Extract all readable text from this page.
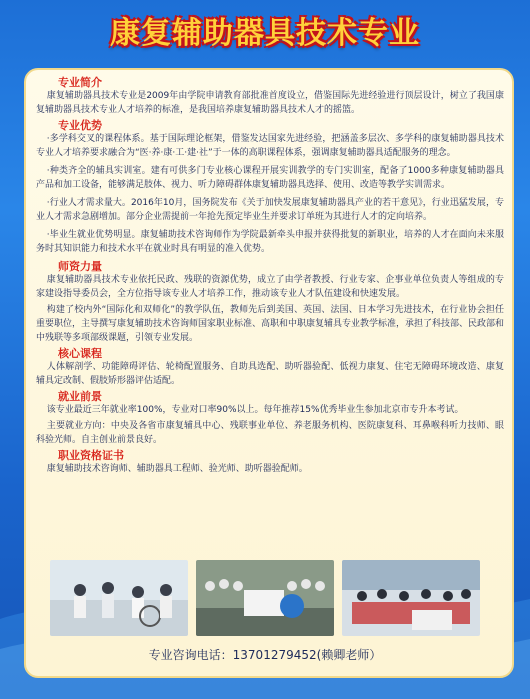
康复辅助器具技术专业
专业简介
康复辅助器具技术专业是2009年由学院申请教育部批准首度设立，借鉴国际先进经验进行顶层设计，树立了我国康复辅助器具技术专业人才培养的标准，是我国培养康复辅助器具技术人才的摇篮。
专业优势
·多学科交叉的课程体系。基于国际理论框架，借鉴发达国家先进经验，把涵盖多层次、多学科的康复辅助器具技术专业人才培养要求融合为“医·养·康·工·建·社”于一体的高职课程体系，强调康复辅助器具适配服务的理念。
·种类齐全的辅具实训室。建有可供多门专业核心课程开展实训教学的专门实训室，配备了1000多种康复辅助器具产品和加工设备，能够满足肢体、视力、听力障碍群体康复辅助器具选择、使用、改造等教学实训需求。
·行业人才需求量大。2016年10月，国务院发布《关于加快发展康复辅助器具产业的若干意见》，行业迅猛发展，专业人才需求急剧增加。部分企业需提前一年抢先预定毕业生并要求订单班为其进行人才的定向培养。
·毕业生就业优势明显。康复辅助技术咨询师作为学院最新牵头申报并获得批复的新职业，培养的人才在面向未来服务时其知识能力和技术水平在就业时具有明显的准入优势。
师资力量
康复辅助器具技术专业依托民政、残联的资源优势，成立了由学者教授、行业专家、企事业单位负责人等组成的专家建设指导委员会，全方位指导该专业人才培养工作，推动该专业人才队伍建设和快速发展。
构建了校内外“国际化和双师化”的教学队伍，教师先后到美国、英国、法国、日本学习先进技术，在行业协会担任重要职位，主导撰写康复辅助技术咨询师国家职业标准、高职和中职康复辅具专业教学标准，承担了科技部、民政部和中残联等多项部级课题，引领专业发展。
核心课程
人体解剖学、功能障碍评估、轮椅配置服务、自助具选配、助听器验配、低视力康复、住宅无障碍环境改造、康复辅具定改制、假肢矫形器评估适配。
就业前景
该专业最近三年就业率100%，专业对口率90%以上。每年推荐15%优秀毕业生参加北京市专升本考试。
主要就业方向：中央及各省市康复辅具中心、残联事业单位、养老服务机构、医院康复科、耳鼻喉科听力技师、眼科验光师。自主创业前景良好。
职业资格证书
康复辅助技术咨询师、辅助器具工程师、验光师、助听器验配师。
专业咨询电话：13701279452(赖卿老师）
